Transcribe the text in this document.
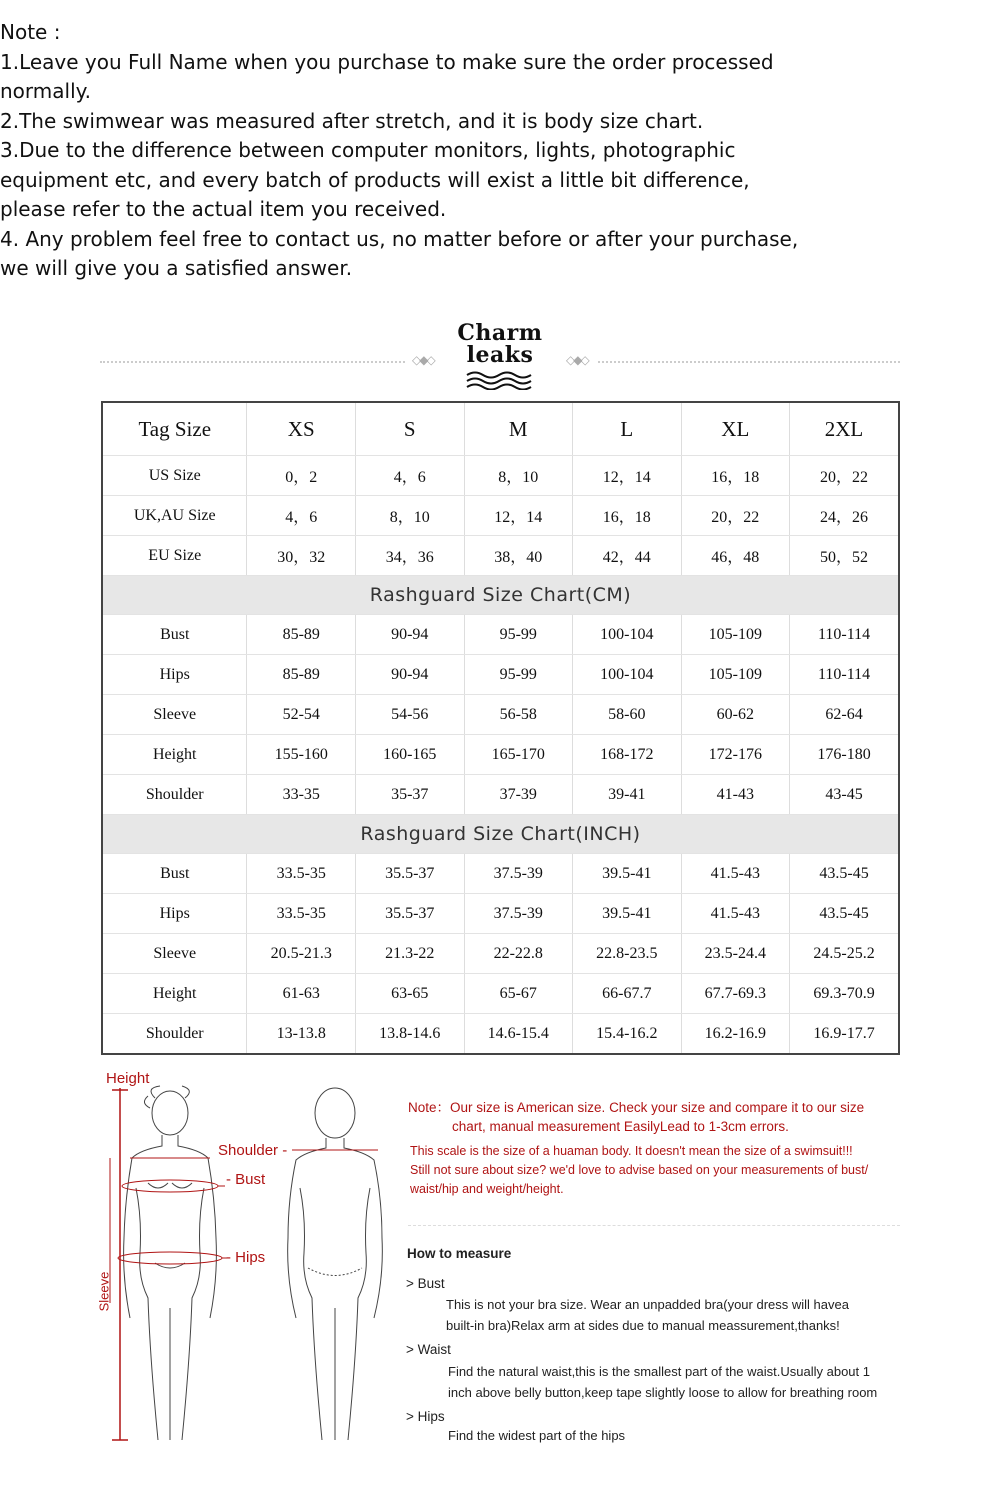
Note :
1.Leave you Full Name when you purchase to make sure the order processed normally.
2.The swimwear was measured after stretch, and it is body size chart.
3.Due to the difference between computer monitors, lights, photographic equipment etc, and every batch of products will exist a little bit difference, please refer to the actual item you received.
4. Any problem feel free to contact us, no matter before or after your purchase, we will give you a satisfied answer.
◇◆◇	◇◆◇
Charm
leaks
Tag Size	XS	S	M	L	XL	2XL
US Size	0，2	4，6	8，10	12，14	16，18	20，22
UK,AU Size	4，6	8，10	12，14	16，18	20，22	24，26
EU Size	30，32	34，36	38，40	42，44	46，48	50，52
Rashguard Size Chart(CM)						
Bust	85-89	90-94	95-99	100-104	105-109	110-114
Hips	85-89	90-94	95-99	100-104	105-109	110-114
Sleeve	52-54	54-56	56-58	58-60	60-62	62-64
Height	155-160	160-165	165-170	168-172	172-176	176-180
Shoulder	33-35	35-37	37-39	39-41	41-43	43-45
Rashguard Size Chart(INCH)						
Bust	33.5-35	35.5-37	37.5-39	39.5-41	41.5-43	43.5-45
Hips	33.5-35	35.5-37	37.5-39	39.5-41	41.5-43	43.5-45
Sleeve	20.5-21.3	21.3-22	22-22.8	22.8-23.5	23.5-24.4	24.5-25.2
Height	61-63	63-65	65-67	66-67.7	67.7-69.3	69.3-70.9
Shoulder	13-13.8	13.8-14.6	14.6-15.4	15.4-16.2	16.2-16.9	16.9-17.7
Height
Shoulder -
- Bust
- Hips
Sleeve
Note：Our size is American size. Check your size and compare it to our size
chart, manual measurement EasilyLead to 1-3cm errors.
This scale is the size of a huaman body. It doesn't mean the size of a swimsuit!!!
Still not sure about size? we'd love to advise based on your measurements of bust/
waist/hip and weight/height.
How to measure
> Bust
This is not your bra size. Wear an unpadded bra(your dress will havea
built-in bra)Relax arm at sides due to manual meassurement,thanks!
> Waist
Find the natural waist,this is the smallest part of the waist.Usually about 1
inch above belly button,keep tape slightly loose to allow for breathing room
> Hips
Find the widest part of the hips
